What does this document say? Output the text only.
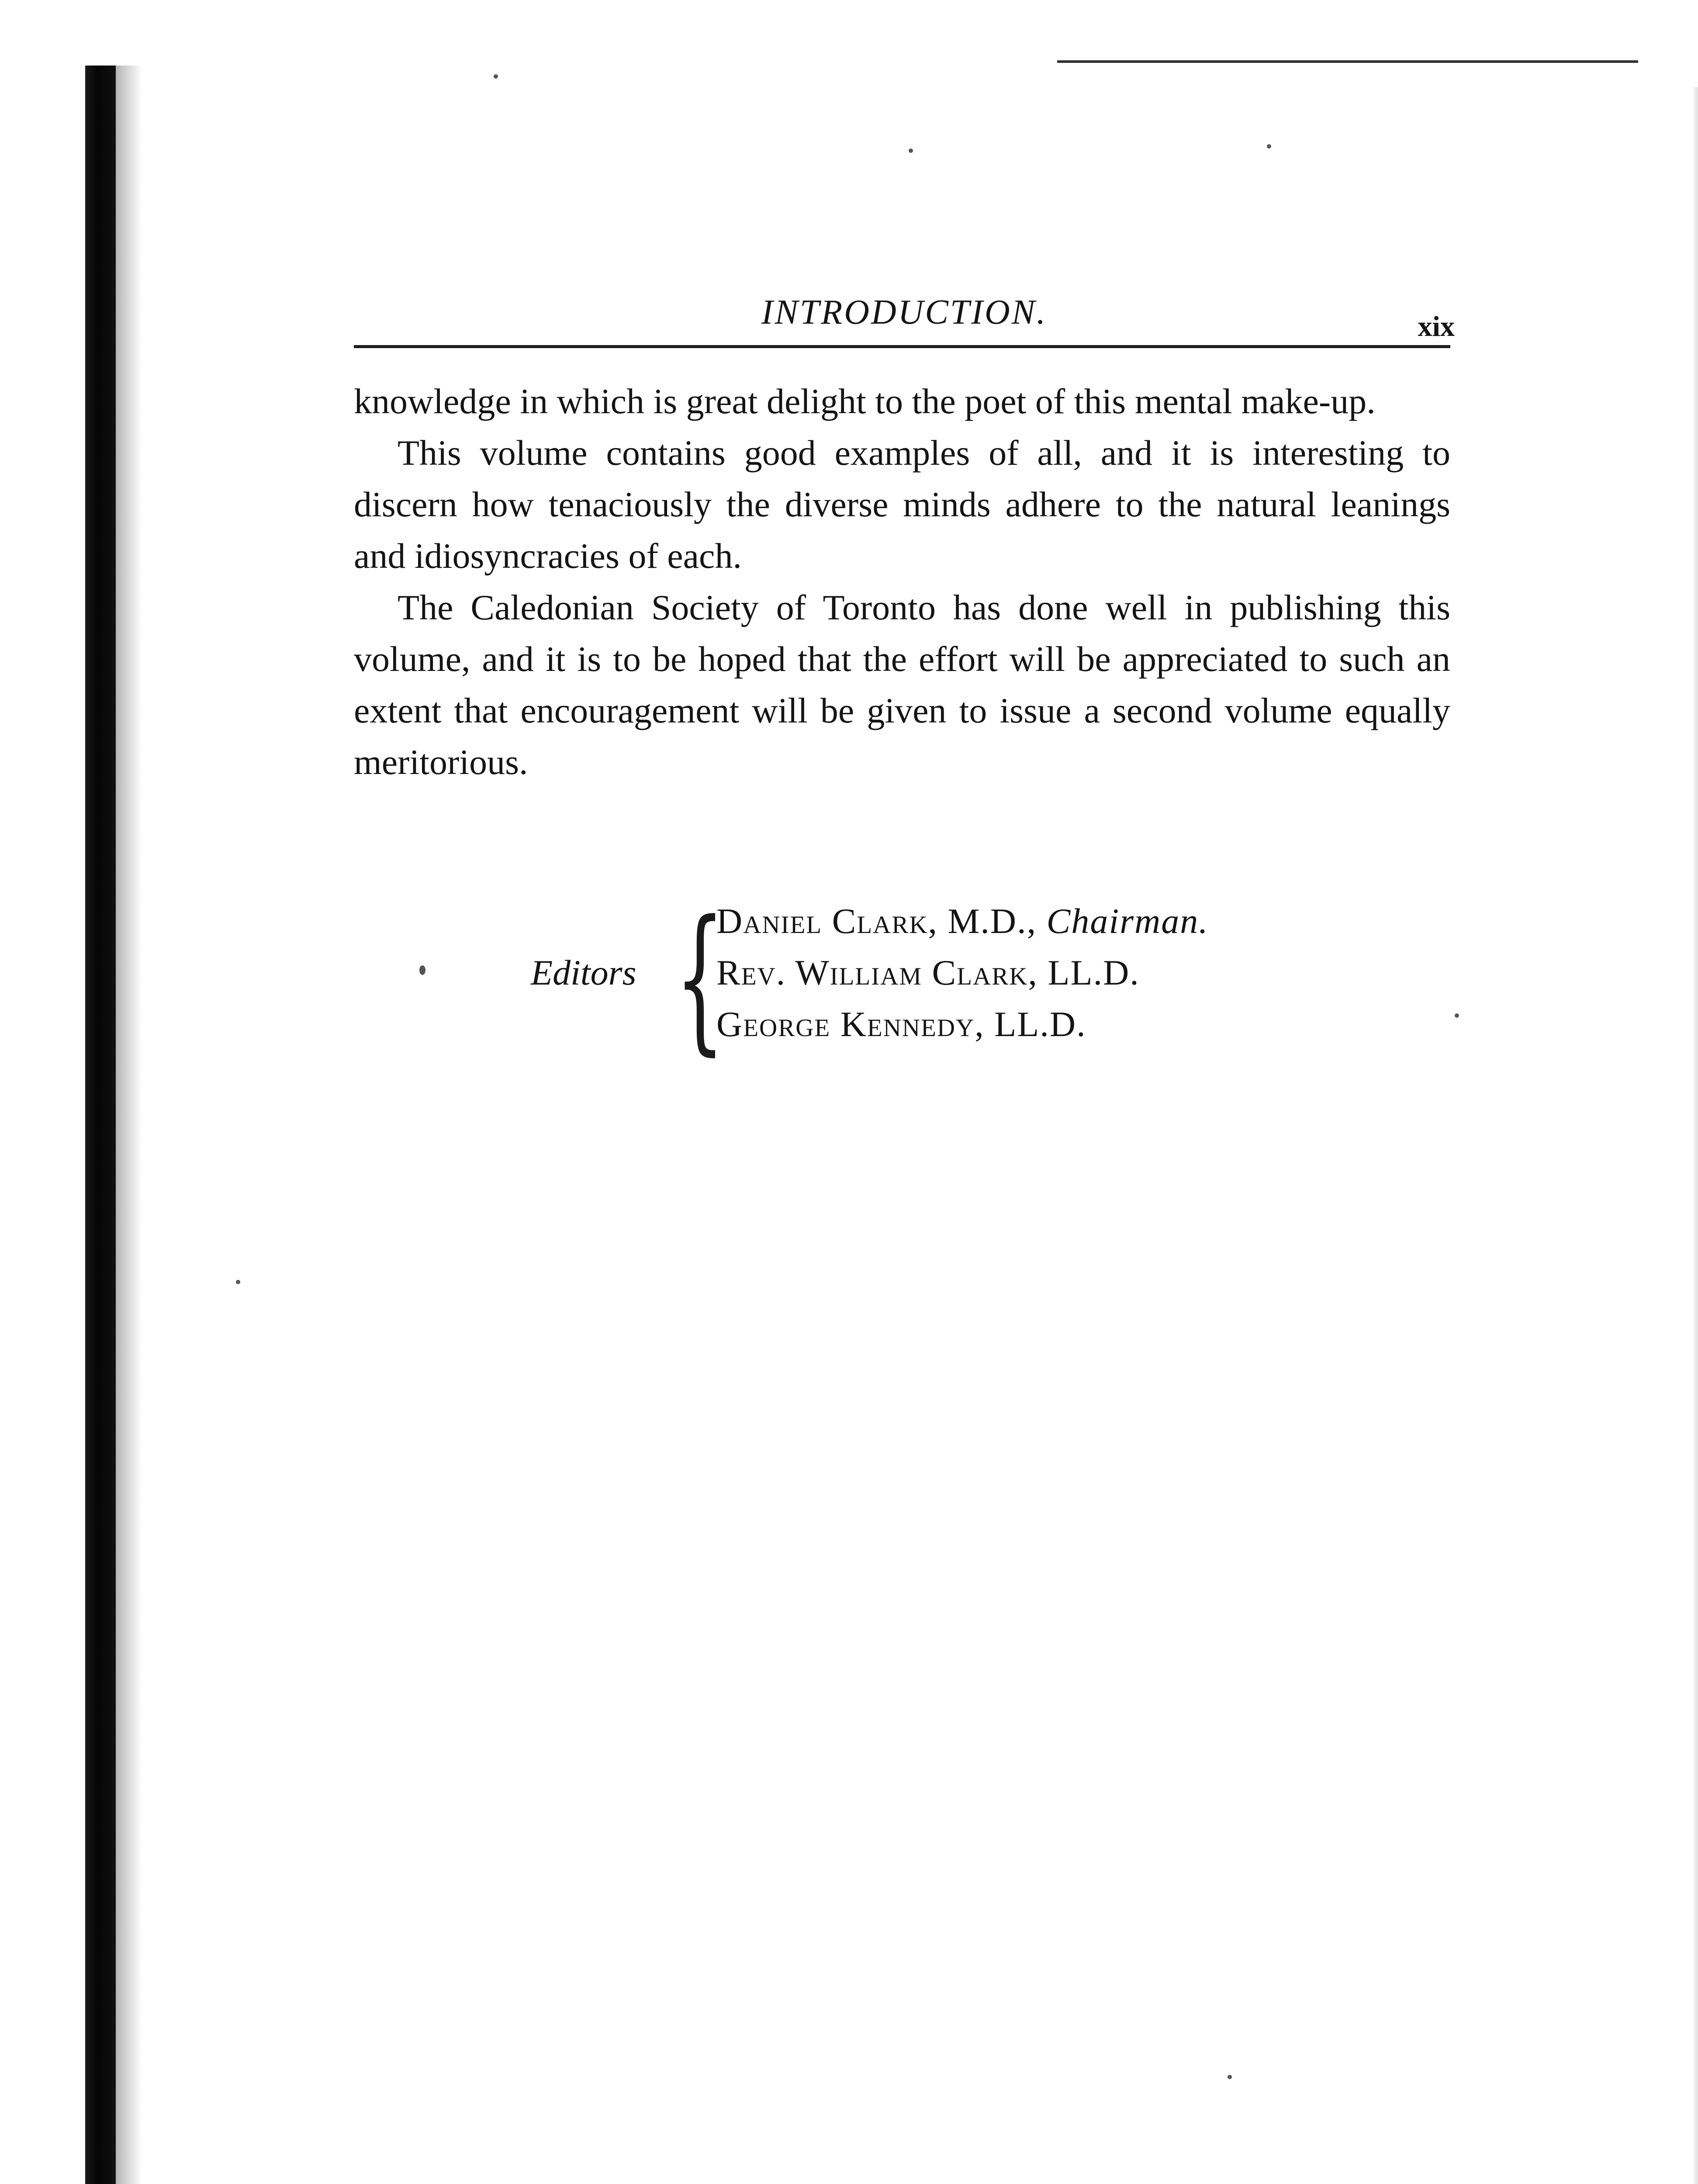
INTRODUCTION.	xix

knowledge in which is great delight to the poet of this mental make-up.

This volume contains good examples of all, and it is interesting to discern how tenaciously the diverse minds adhere to the natural leanings and idiosyncracies of each.

The Caledonian Society of Toronto has done well in publishing this volume, and it is to be hoped that the effort will be appreciated to such an extent that encouragement will be given to issue a second volume equally meritorious.

Editors {
Daniel Clark, M.D., Chairman.
Rev. William Clark, LL.D.
George Kennedy, LL.D.
